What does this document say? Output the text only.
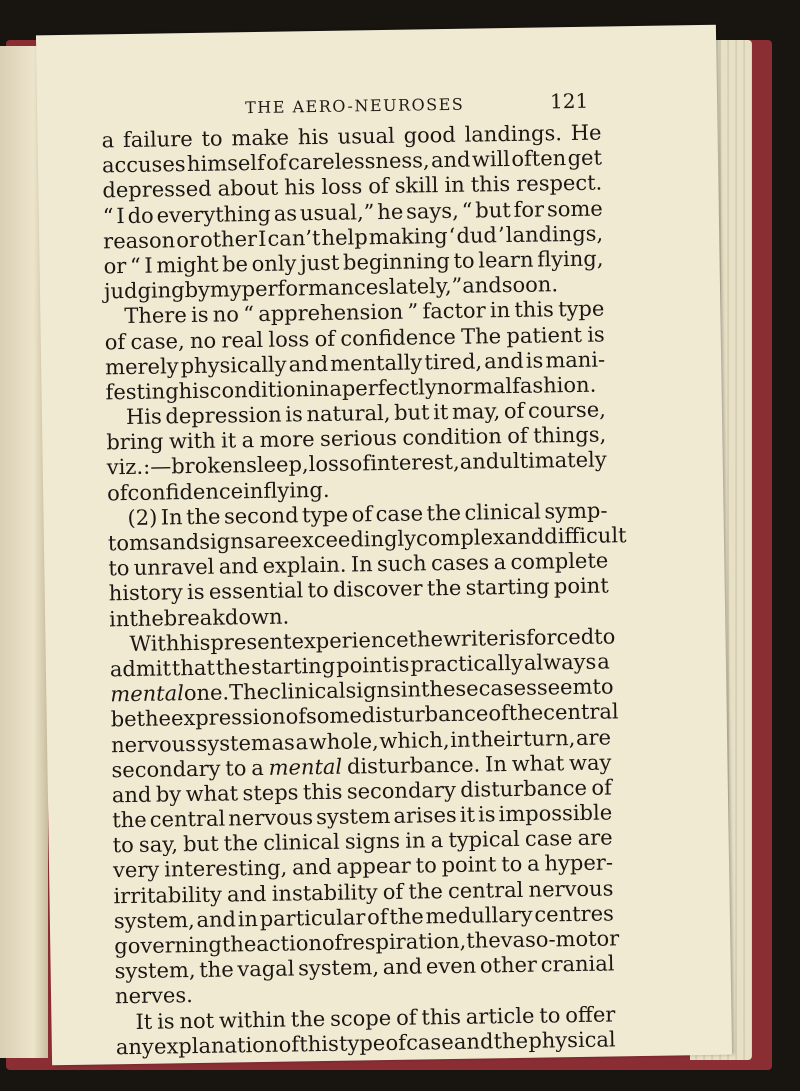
THE AERO-NEUROSES	121
a failure to make his usual good landings. He
accuses himself of carelessness, and will often get
depressed about his loss of skill in this respect.
“ I do everything as usual,” he says, “ but for some
reason or other I can’t help making ‘ dud ’ landings,
or “ I might be only just beginning to learn flying,
judging by my performances lately,” and so on.
There is no “ apprehension ” factor in this type
of case, no real loss of confidence The patient is
merely physically and mentally tired, and is mani-
festing his condition in a perfectly normal fashion.
His depression is natural, but it may, of course,
bring with it a more serious condition of things,
viz. :—broken sleep, loss of interest, and ultimately
of confidence in flying.
(2) In the second type of case the clinical symp-
toms and signs are exceedingly complex and difficult
to unravel and explain. In such cases a complete
history is essential to discover the starting point
in the breakdown.
With his present experience the writer is forced to
admit that the starting point is practically always a
mental one. The clinical signs in these cases seem to
be the expression of some disturbance of the central
nervous system as a whole, which, in their turn, are
secondary to a mental disturbance. In what way
and by what steps this secondary disturbance of
the central nervous system arises it is impossible
to say, but the clinical signs in a typical case are
very interesting, and appear to point to a hyper-
irritability and instability of the central nervous
system, and in particular of the medullary centres
governing the action of respiration, the vaso-motor
system, the vagal system, and even other cranial
nerves.
It is not within the scope of this article to offer
any explanation of this type of case and the physical
